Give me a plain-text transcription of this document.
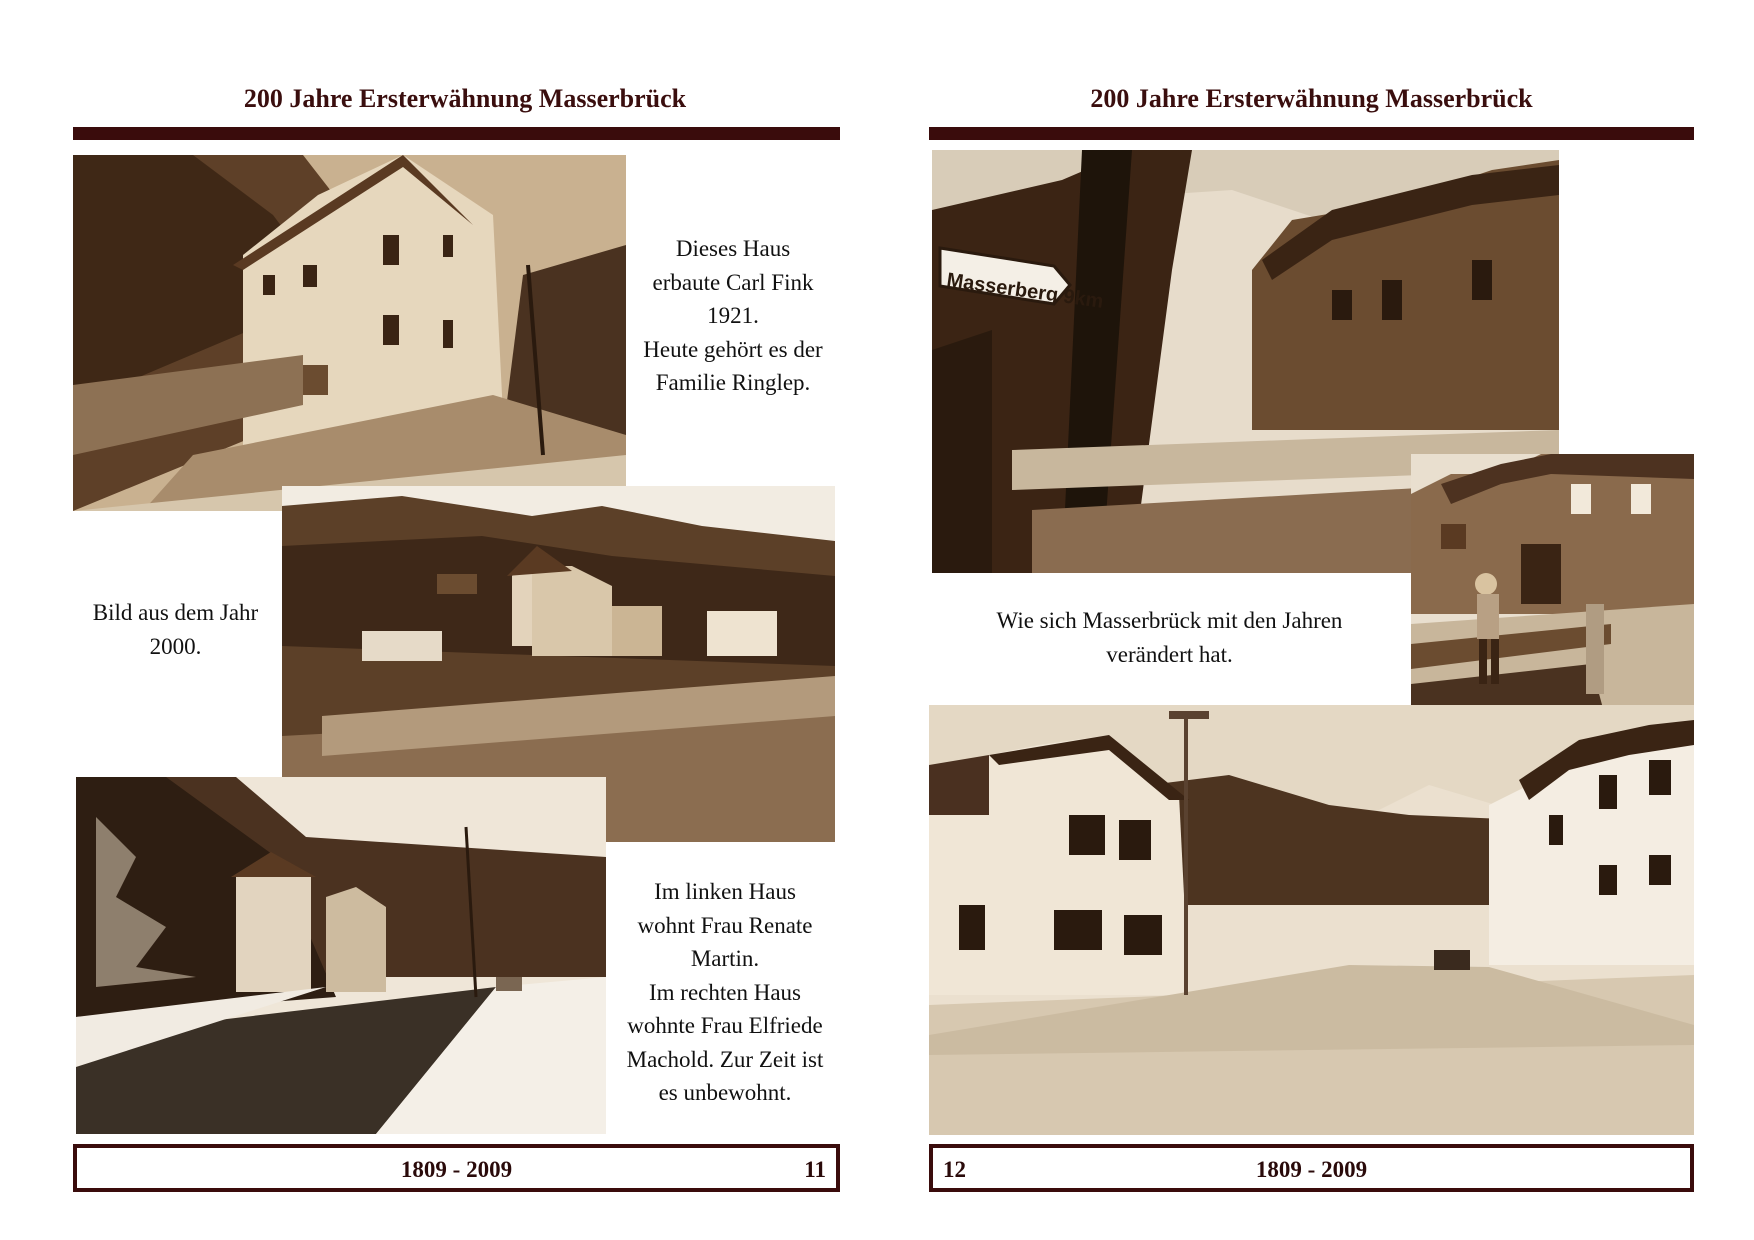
200 Jahre Ersterwähnung Masserbrück
Dieses Haus
erbaute Carl Fink
1921.
Heute gehört es der
Familie Ringlep.
Bild aus dem Jahr
2000.
Im linken Haus
wohnt Frau Renate
Martin.
Im rechten Haus
wohnte Frau Elfriede
Machold. Zur Zeit ist
es unbewohnt.
1809 - 2009	11
200 Jahre Ersterwähnung Masserbrück
Masserberg 9km
Wie sich Masserbrück mit den Jahren
verändert hat.
1809 - 2009
12
